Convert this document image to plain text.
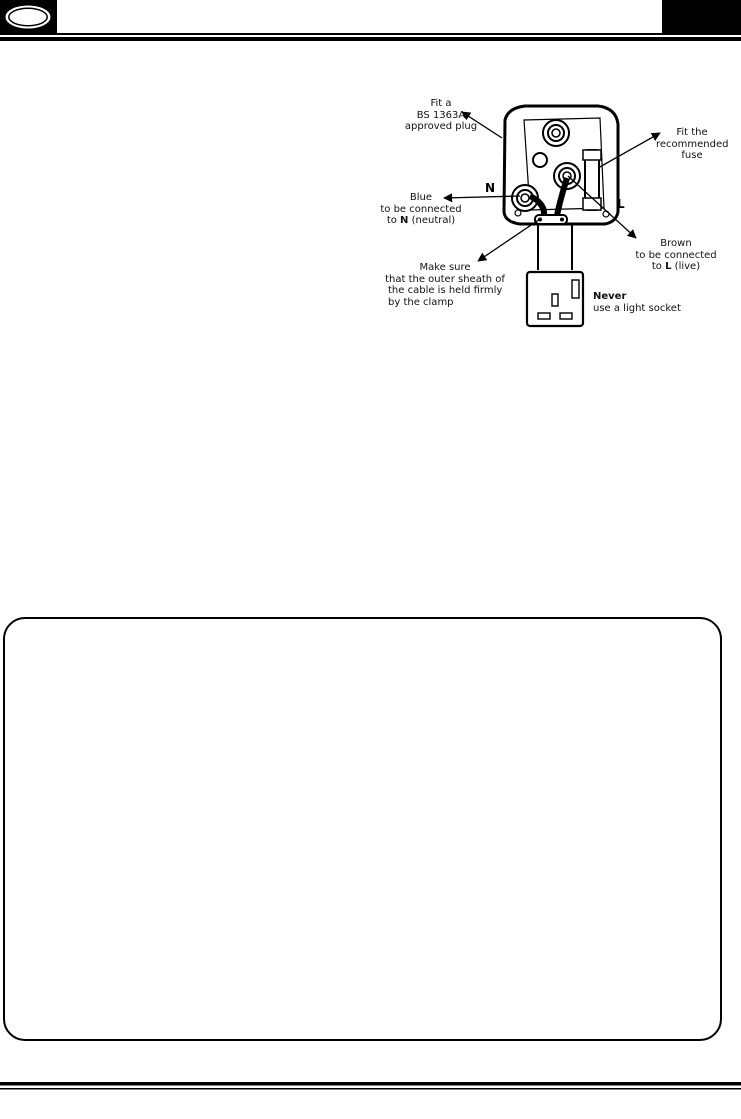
N
L
Fit a
BS 1363A
approved plug
Fit the
recommended
fuse
Blue
to be connected
to N (neutral)
Brown
to be connected
to L (live)
Make sure
that the outer sheath of
the cable is held firmly
by the clamp	Never
use a light socket
